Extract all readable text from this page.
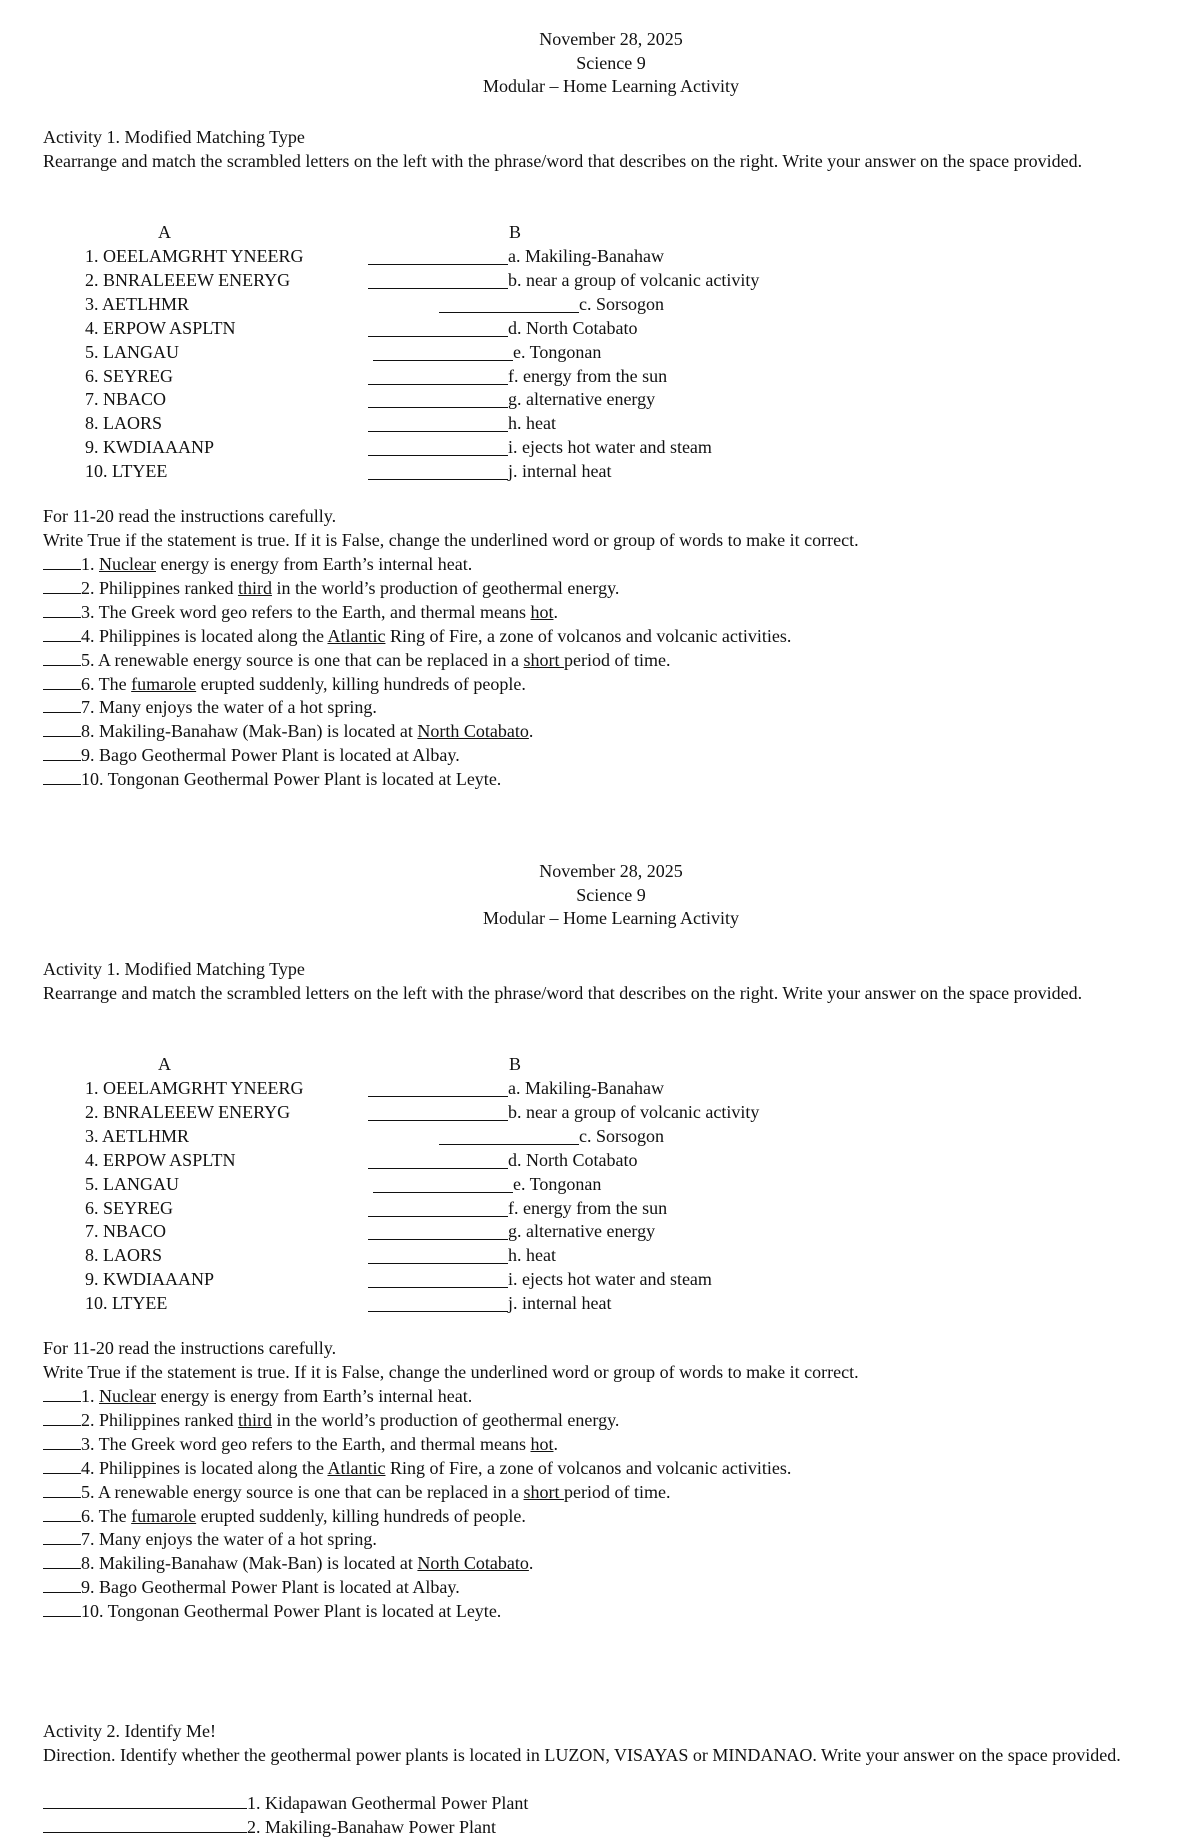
November 28, 2025
Science 9
Modular – Home Learning Activity
Activity 1. Modified Matching Type
Rearrange and match the scrambled letters on the left with the phrase/word that describes on the right. Write your answer on the space provided.
A	B
1. OEELAMGRHT YNEERG	a. Makiling-Banahaw
2. BNRALEEEW ENERYG	b. near a group of volcanic activity
3. AETLHMR	c. Sorsogon
4. ERPOW ASPLTN	d. North Cotabato
5. LANGAU	e. Tongonan
6. SEYREG	f. energy from the sun
7. NBACO	g. alternative energy
8. LAORS	h. heat
9. KWDIAAANP	i. ejects hot water and steam
10. LTYEE	j. internal heat
For 11-20 read the instructions carefully.
Write True if the statement is true. If it is False, change the underlined word or group of words to make it correct.
1. Nuclear energy is energy from Earth’s internal heat.
2. Philippines ranked third in the world’s production of geothermal energy.
3. The Greek word geo refers to the Earth, and thermal means hot.
4. Philippines is located along the Atlantic Ring of Fire, a zone of volcanos and volcanic activities.
5. A renewable energy source is one that can be replaced in a short period of time.
6. The fumarole erupted suddenly, killing hundreds of people.
7. Many enjoys the water of a hot spring.
8. Makiling-Banahaw (Mak-Ban) is located at North Cotabato.
9. Bago Geothermal Power Plant is located at Albay.
10. Tongonan Geothermal Power Plant is located at Leyte.
November 28, 2025
Science 9
Modular – Home Learning Activity
Activity 1. Modified Matching Type
Rearrange and match the scrambled letters on the left with the phrase/word that describes on the right. Write your answer on the space provided.
A	B
1. OEELAMGRHT YNEERG	a. Makiling-Banahaw
2. BNRALEEEW ENERYG	b. near a group of volcanic activity
3. AETLHMR	c. Sorsogon
4. ERPOW ASPLTN	d. North Cotabato
5. LANGAU	e. Tongonan
6. SEYREG	f. energy from the sun
7. NBACO	g. alternative energy
8. LAORS	h. heat
9. KWDIAAANP	i. ejects hot water and steam
10. LTYEE	j. internal heat
For 11-20 read the instructions carefully.
Write True if the statement is true. If it is False, change the underlined word or group of words to make it correct.
1. Nuclear energy is energy from Earth’s internal heat.
2. Philippines ranked third in the world’s production of geothermal energy.
3. The Greek word geo refers to the Earth, and thermal means hot.
4. Philippines is located along the Atlantic Ring of Fire, a zone of volcanos and volcanic activities.
5. A renewable energy source is one that can be replaced in a short period of time.
6. The fumarole erupted suddenly, killing hundreds of people.
7. Many enjoys the water of a hot spring.
8. Makiling-Banahaw (Mak-Ban) is located at North Cotabato.
9. Bago Geothermal Power Plant is located at Albay.
10. Tongonan Geothermal Power Plant is located at Leyte.
Activity 2. Identify Me!
Direction. Identify whether the geothermal power plants is located in LUZON, VISAYAS or MINDANAO. Write your answer on the space provided.
1. Kidapawan Geothermal Power Plant
2. Makiling-Banahaw Power Plant
